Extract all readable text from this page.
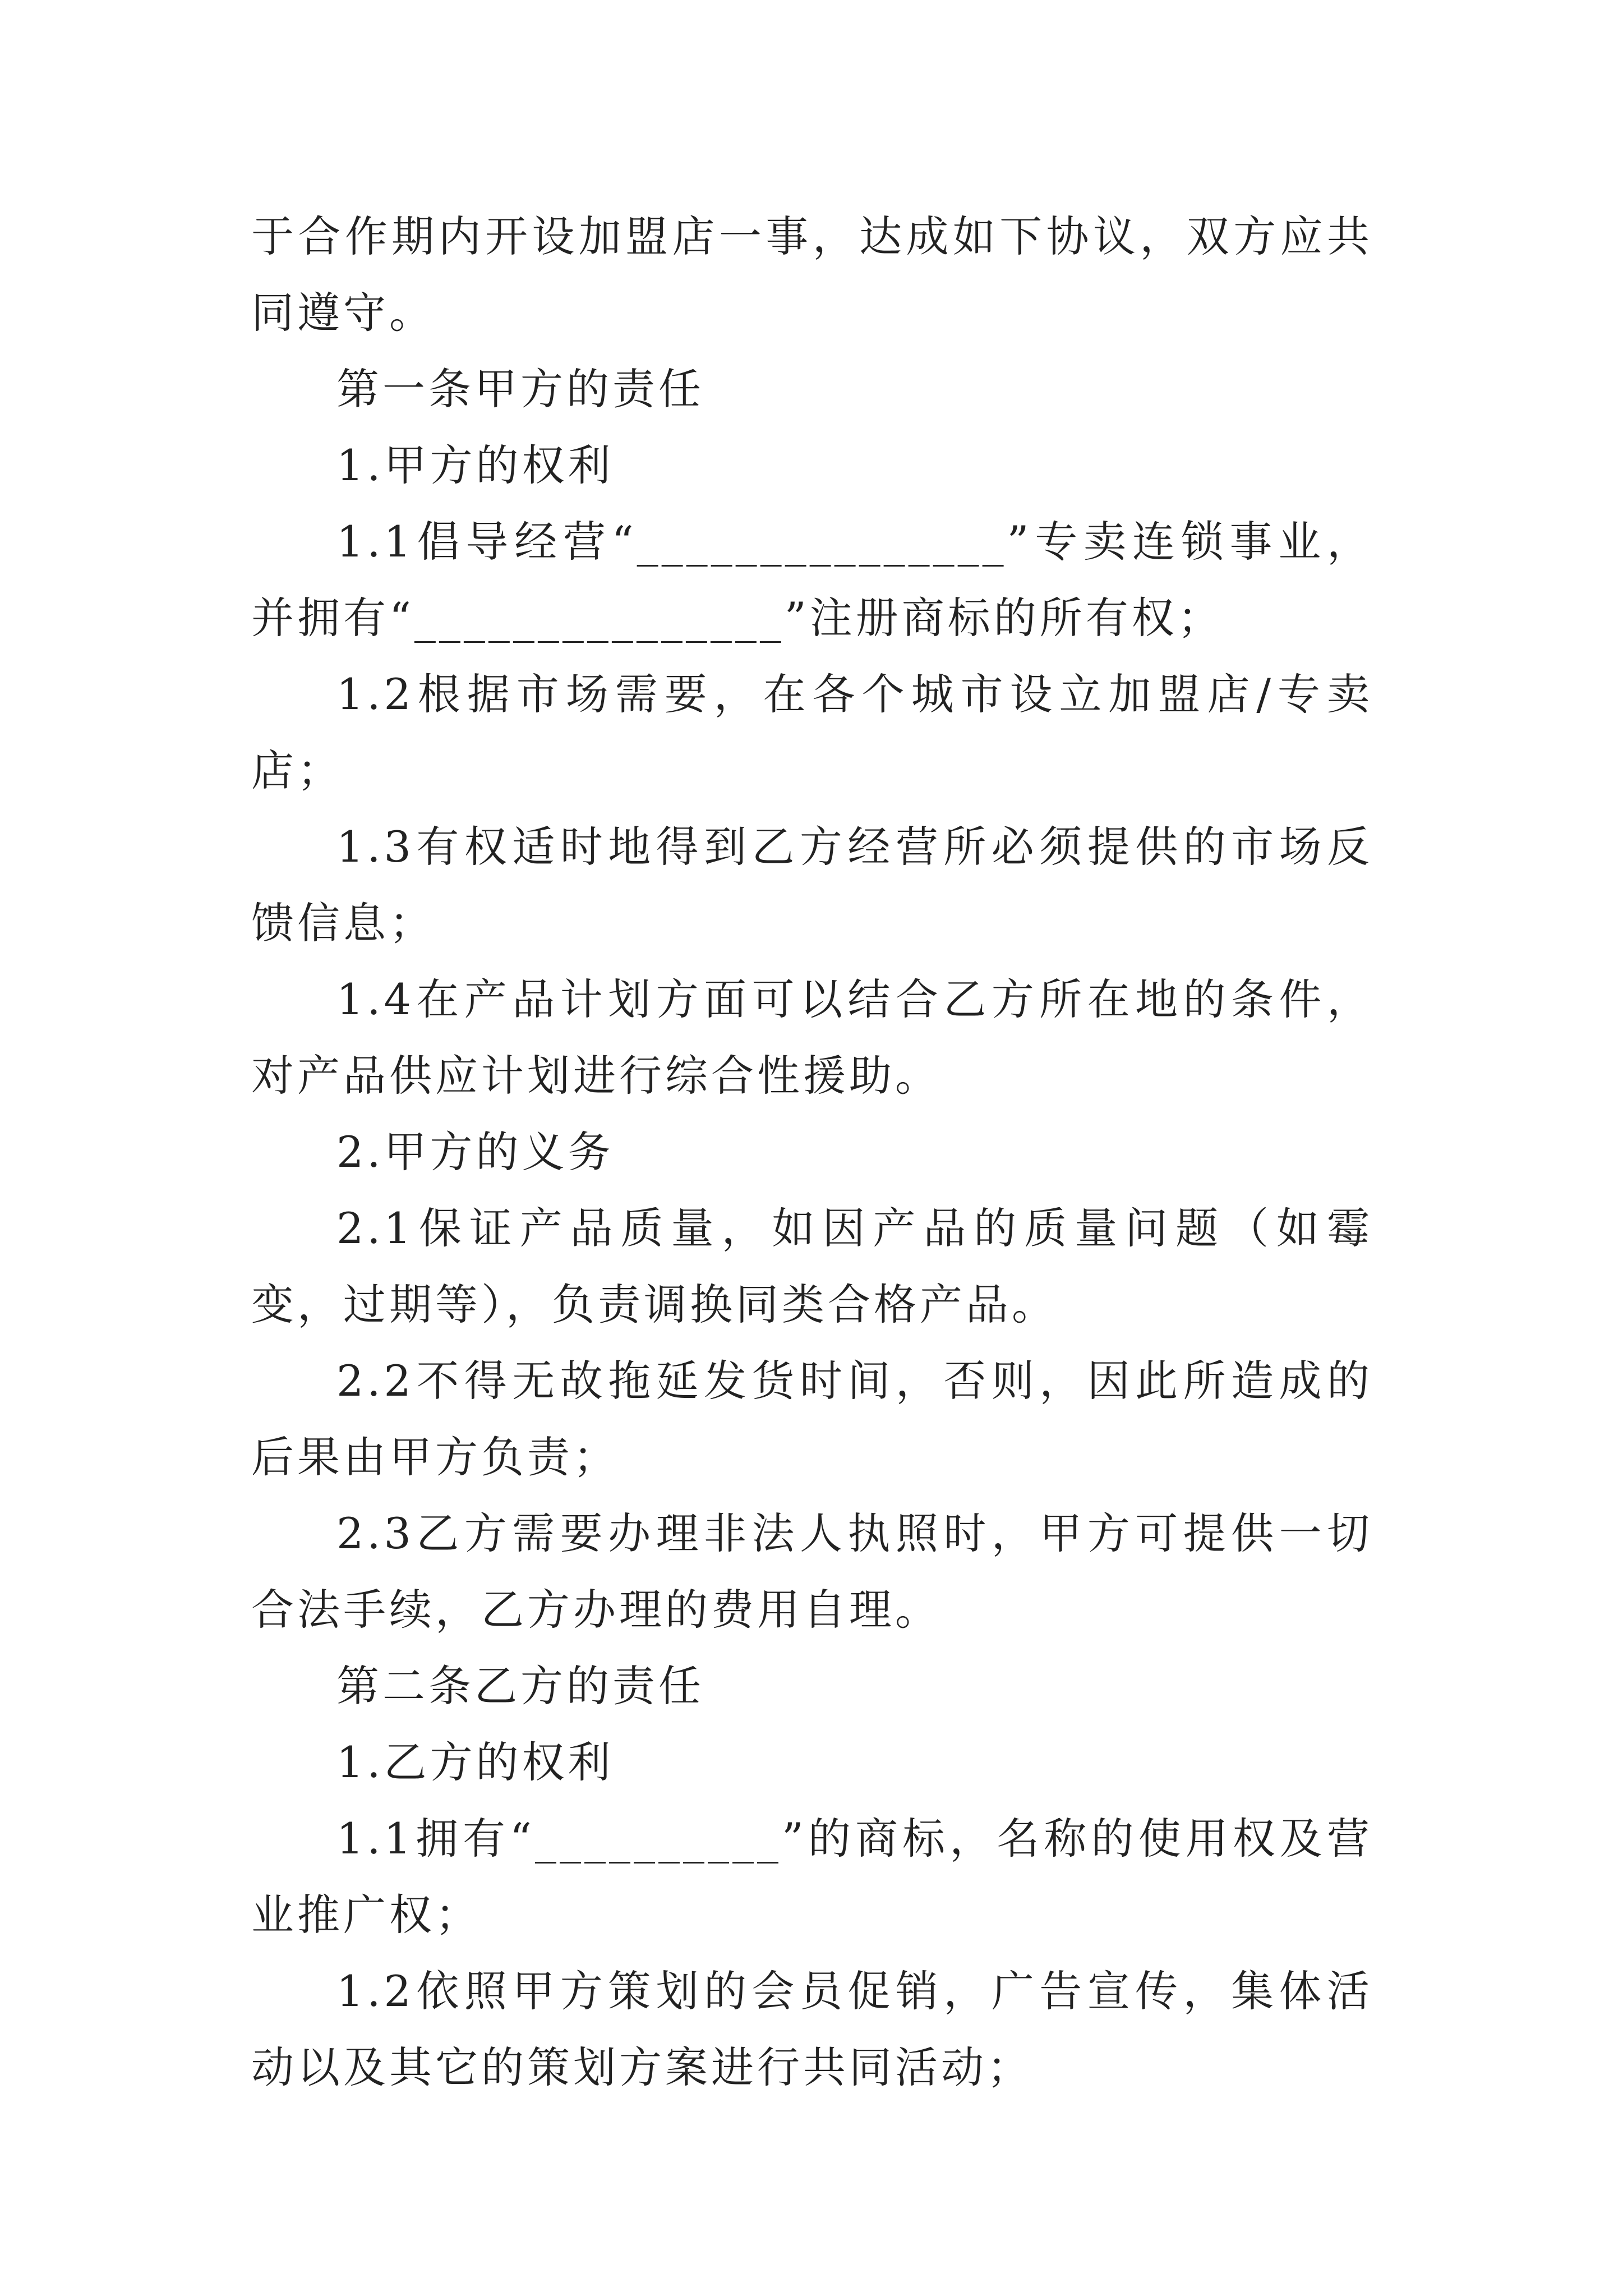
于合作期内开设加盟店一事，达成如下协议，双方应共同遵守。

第一条甲方的责任

1.甲方的权利

1.1倡导经营“_______________”专卖连锁事业，并拥有“_______________”注册商标的所有权；

1.2根据市场需要，在各个城市设立加盟店/专卖店；

1.3有权适时地得到乙方经营所必须提供的市场反馈信息；

1.4在产品计划方面可以结合乙方所在地的条件，对产品供应计划进行综合性援助。

2.甲方的义务

2.1保证产品质量，如因产品的质量问题（如霉变，过期等），负责调换同类合格产品。

2.2不得无故拖延发货时间，否则，因此所造成的后果由甲方负责；

2.3乙方需要办理非法人执照时，甲方可提供一切合法手续，乙方办理的费用自理。

第二条乙方的责任

1.乙方的权利

1.1拥有“__________”的商标，名称的使用权及营业推广权；

1.2依照甲方策划的会员促销，广告宣传，集体活动以及其它的策划方案进行共同活动；
